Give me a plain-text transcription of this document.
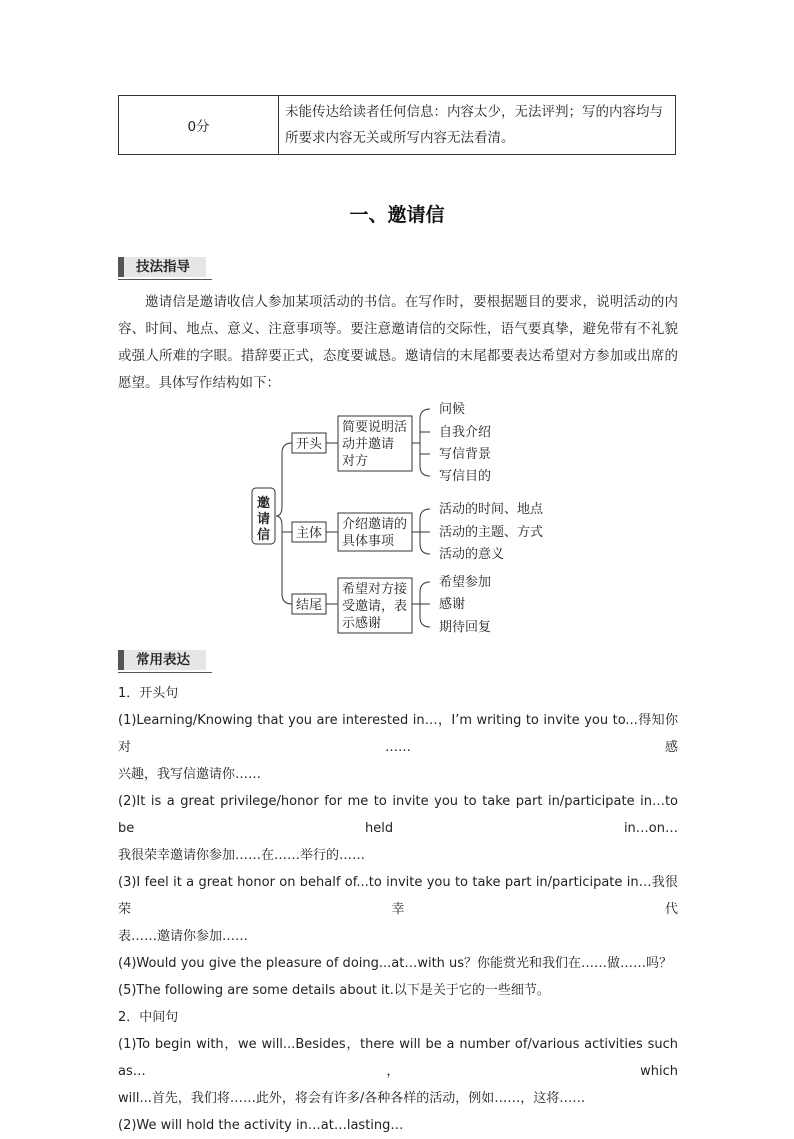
0分	未能传达给读者任何信息：内容太少，无法评判；写的内容均与所要求内容无关或所写内容无法看清。
一、邀请信
技法指导
邀请信是邀请收信人参加某项活动的书信。在写作时，要根据题目的要求，说明活动的内容、时间、地点、意义、注意事项等。要注意邀请信的交际性，语气要真挚，避免带有不礼貌或强人所难的字眼。措辞要正式，态度要诚恳。邀请信的末尾都要表达希望对方参加或出席的愿望。具体写作结构如下：
邀
请
信
开头
主体
结尾
简要说明活
动并邀请
对方
介绍邀请的
具体事项
希望对方接
受邀请，表
示感谢
问候
自我介绍
写信背景
写信目的
活动的时间、地点
活动的主题、方式
活动的意义
希望参加
感谢
期待回复
常用表达
1．开头句
(1)Learning/Knowing that you are interested in…，I’m writing to invite you to...得知你对……感
兴趣，我写信邀请你……
(2)It is a great privilege/honor for me to invite you to take part in/participate in…to be held in…on…
我很荣幸邀请你参加……在……举行的……
(3)I feel it a great honor on behalf of...to invite you to take part in/participate in…我很荣幸代
表……邀请你参加……
(4)Would you give the pleasure of doing...at…with us？你能赏光和我们在……做……吗？
(5)The following are some details about it.以下是关于它的一些细节。
2．中间句
(1)To begin with，we will...Besides，there will be a number of/various activities such as…，which
will...首先，我们将……此外，将会有许多/各种各样的活动，例如……，这将……
(2)We will hold the activity in…at…lasting…
